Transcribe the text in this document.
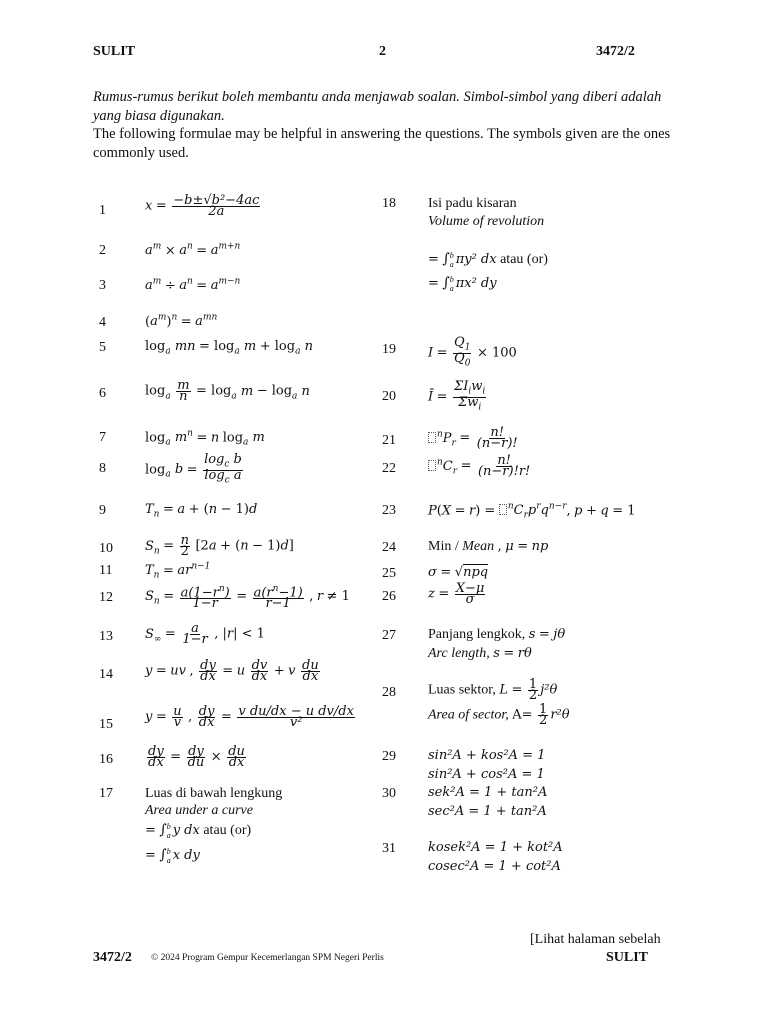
SULIT	2	3472/2
Rumus-rumus berikut boleh membantu anda menjawab soalan. Simbol-simbol yang diberi adalah yang biasa digunakan.
The following formulae may be helpful in answering the questions. The symbols given are the ones commonly used.
1	$x = \frac{\text{−b±√b²−4ac}}{2a}$
2	$a^m \times a^n = a^{m+n}$
3	$a^m \div a^n = a^{m-n}$
4	$(a^m)^n = a^{mn}$
5	$\log_a$ mn = $\log_a m + \log_a n$
6	$\log_a \frac{m}{n} = \log_a m - \log_a n$
7	$\log_a m^n = n$ $\log_a m$
8	$\log_a b = \frac{\log_c b}{\log_c a}$
9	$T_n = a + (n - 1)d$
10 $S_n = \frac{n}{2} [2a + (n - 1)d]$
11	$T_n = ar^{n-1}$
12 $S_n = \frac{a(1-r^n)}{1-r} = \frac{a(r^n-1)}{r-1}$ , r ≠ 1
13 $S_\infty = \frac{a}{1-r}$ , |r| < 1
14 y = uv , $\frac{dy}{dx} = u \frac{dv}{dx} + v \frac{du}{dx}$
15 $y = \frac{u}{v}$ , $\frac{dy}{dx} = \frac{\text{v du/dx − u dv/dx}}{\text{v²}}$
16	$\frac{dy}{dx} = \frac{dy}{du} \times \frac{du}{dx}$
17 Luas di bawah lengkung
Area under a curve
= ∫ b
a y dx atau (or)
= ∫ b
a x dy
18 Isi padu kisaran
Volume of revolution
= ∫ b
a πy² dx atau (or)
= ∫ b
a πx² dy
19 $I = \frac{Q_1}{Q_0} \times 100$
20 Ī =
$\Sigma I_iw_i$
$\Sigma w_i$
21	$^nP_r = \frac{n!}{(n-r)!}$
22	$^nC_r = \frac{n!}{(n-r)!r!}$
23 $P(X = r) = ^nC_rp^rq^{n-r}$, p + q = 1
24 Min / Mean , μ = np
25 σ = √npq
26 $z = \frac{X-\mu}{\sigma}$
27 Panjang lengkok, s = jθ
Arc length, s = rθ
28 Luas sektor, $L = \frac{1}{2} j^2\theta$
Area of sector, $A= \frac{1}{2} r^2\theta$
29 sin²A + kos²A = 1
sin²A + cos²A = 1
30 sek²A = 1 + tan²A
sec²A = 1 + tan²A
31 kosek²A = 1 + kot²A
cosec²A = 1 + cot²A
[Lihat halaman sebelah
3472/2 © 2024 Program Gempur Kecemerlangan SPM Negeri Perlis	SULIT
